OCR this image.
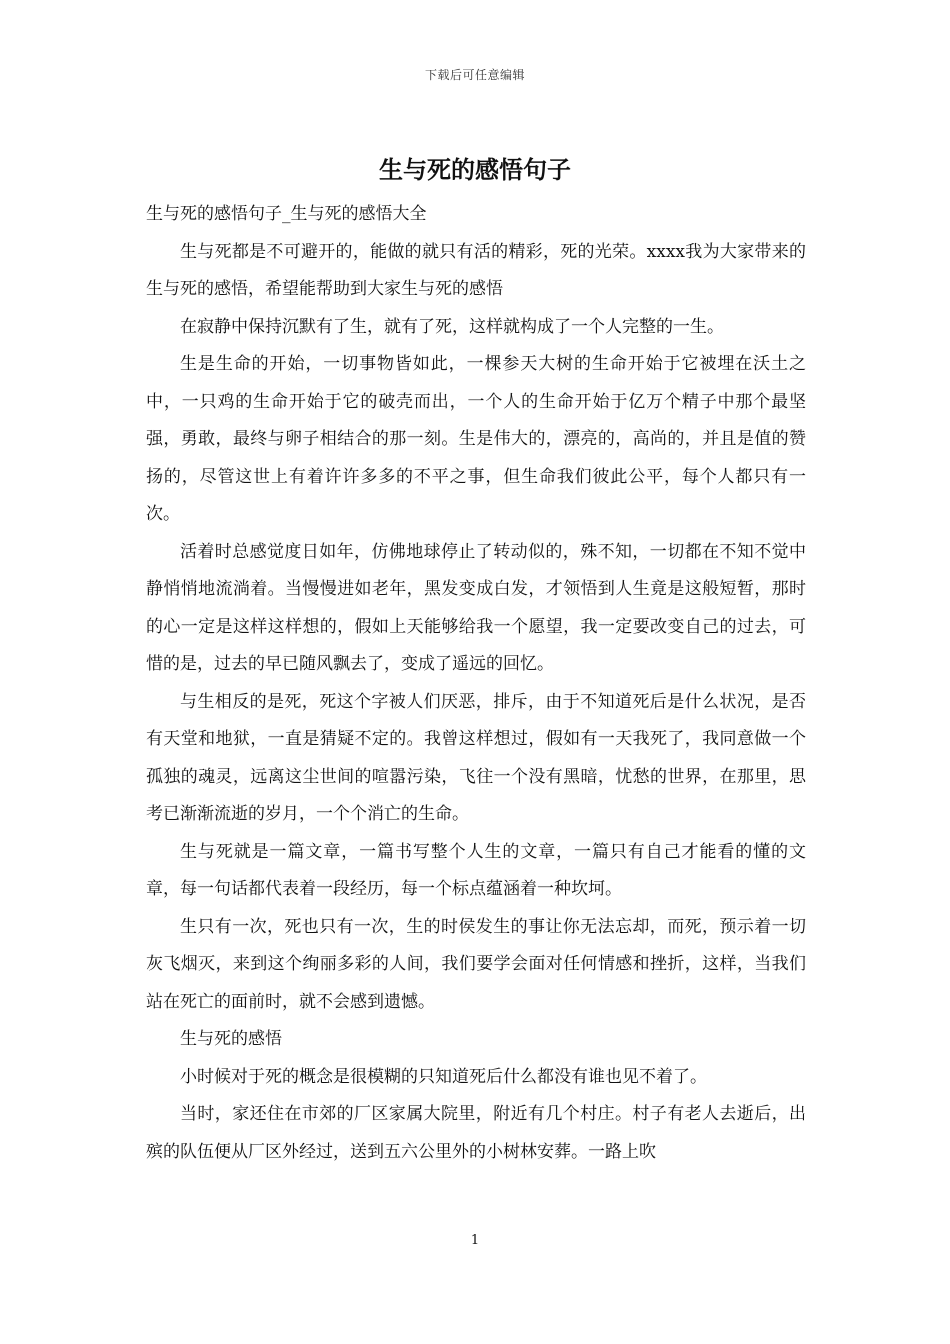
下载后可任意编辑
生与死的感悟句子

生与死的感悟句子_生与死的感悟大全

生与死都是不可避开的，能做的就只有活的精彩，死的光荣。xxxx我为大家带来的生与死的感悟，希望能帮助到大家生与死的感悟

在寂静中保持沉默有了生，就有了死，这样就构成了一个人完整的一生。

生是生命的开始，一切事物皆如此，一棵参天大树的生命开始于它被埋在沃土之中，一只鸡的生命开始于它的破壳而出，一个人的生命开始于亿万个精子中那个最坚强，勇敢，最终与卵子相结合的那一刻。生是伟大的，漂亮的，高尚的，并且是值的赞扬的，尽管这世上有着许许多多的不平之事，但生命我们彼此公平，每个人都只有一次。

活着时总感觉度日如年，仿佛地球停止了转动似的，殊不知，一切都在不知不觉中静悄悄地流淌着。当慢慢进如老年，黑发变成白发，才领悟到人生竟是这般短暂，那时的心一定是这样这样想的，假如上天能够给我一个愿望，我一定要改变自己的过去，可惜的是，过去的早已随风飘去了，变成了遥远的回忆。

与生相反的是死，死这个字被人们厌恶，排斥，由于不知道死后是什么状况，是否有天堂和地狱，一直是猜疑不定的。我曾这样想过，假如有一天我死了，我同意做一个孤独的魂灵，远离这尘世间的喧嚣污染，飞往一个没有黑暗，忧愁的世界，在那里，思考已渐渐流逝的岁月，一个个消亡的生命。

生与死就是一篇文章，一篇书写整个人生的文章，一篇只有自己才能看的懂的文章，每一句话都代表着一段经历，每一个标点蕴涵着一种坎坷。

生只有一次，死也只有一次，生的时侯发生的事让你无法忘却，而死，预示着一切灰飞烟灭，来到这个绚丽多彩的人间，我们要学会面对任何情感和挫折，这样，当我们站在死亡的面前时，就不会感到遗憾。

生与死的感悟

小时候对于死的概念是很模糊的只知道死后什么都没有谁也见不着了。

当时，家还住在市郊的厂区家属大院里，附近有几个村庄。村子有老人去逝后，出殡的队伍便从厂区外经过，送到五六公里外的小树林安葬。一路上吹

1
